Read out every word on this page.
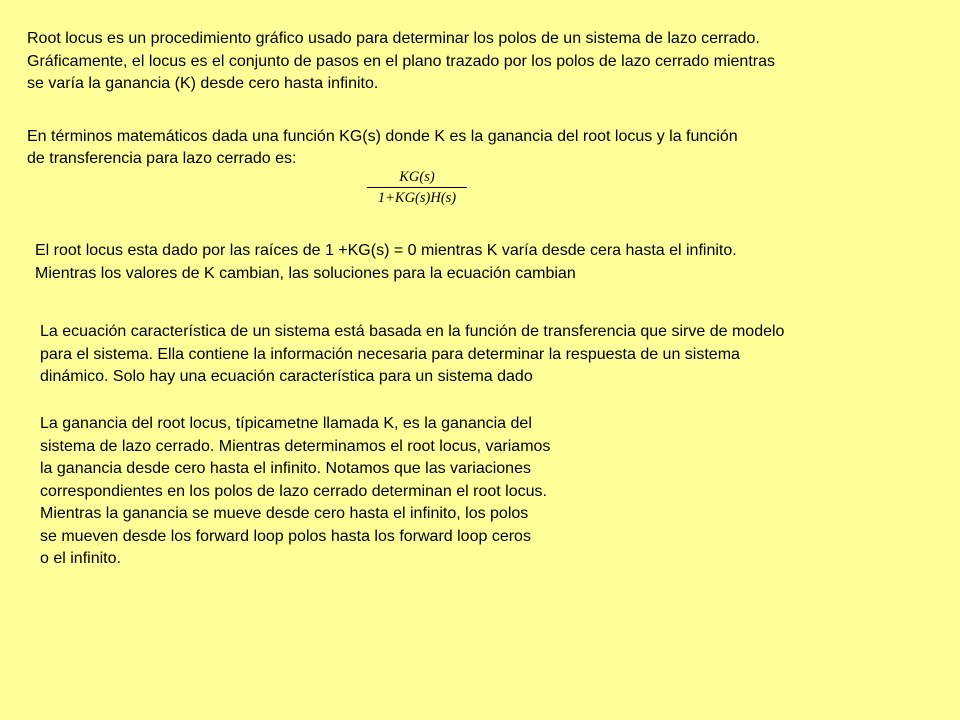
Root locus es un procedimiento gráfico usado para determinar los polos de un sistema de lazo cerrado.
Gráficamente, el locus es el conjunto de pasos en el plano trazado por los polos de lazo cerrado mientras
se varía la ganancia (K) desde cero hasta infinito.
En términos matemáticos dada una función KG(s) donde K es la ganancia del root locus y la función
de transferencia para lazo cerrado es:
KG(s)
1+KG(s)H(s)
El root locus esta dado por las raíces de 1 +KG(s) = 0 mientras K varía desde cera hasta el infinito.
Mientras los valores de K cambian, las soluciones para la ecuación cambian
La ecuación característica de un sistema está basada en la función de transferencia que sirve de modelo
para el sistema. Ella contiene la información necesaria para determinar la respuesta de un sistema
dinámico. Solo hay una ecuación característica para un sistema dado
La ganancia del root locus, típicametne llamada K, es la ganancia del
sistema de lazo cerrado. Mientras determinamos el root locus, variamos
la ganancia desde cero hasta el infinito. Notamos que las variaciones
correspondientes en los polos de lazo cerrado determinan el root locus.
Mientras la ganancia se mueve desde cero hasta el infinito, los polos
se mueven desde los forward loop polos hasta los forward loop ceros
o el infinito.
